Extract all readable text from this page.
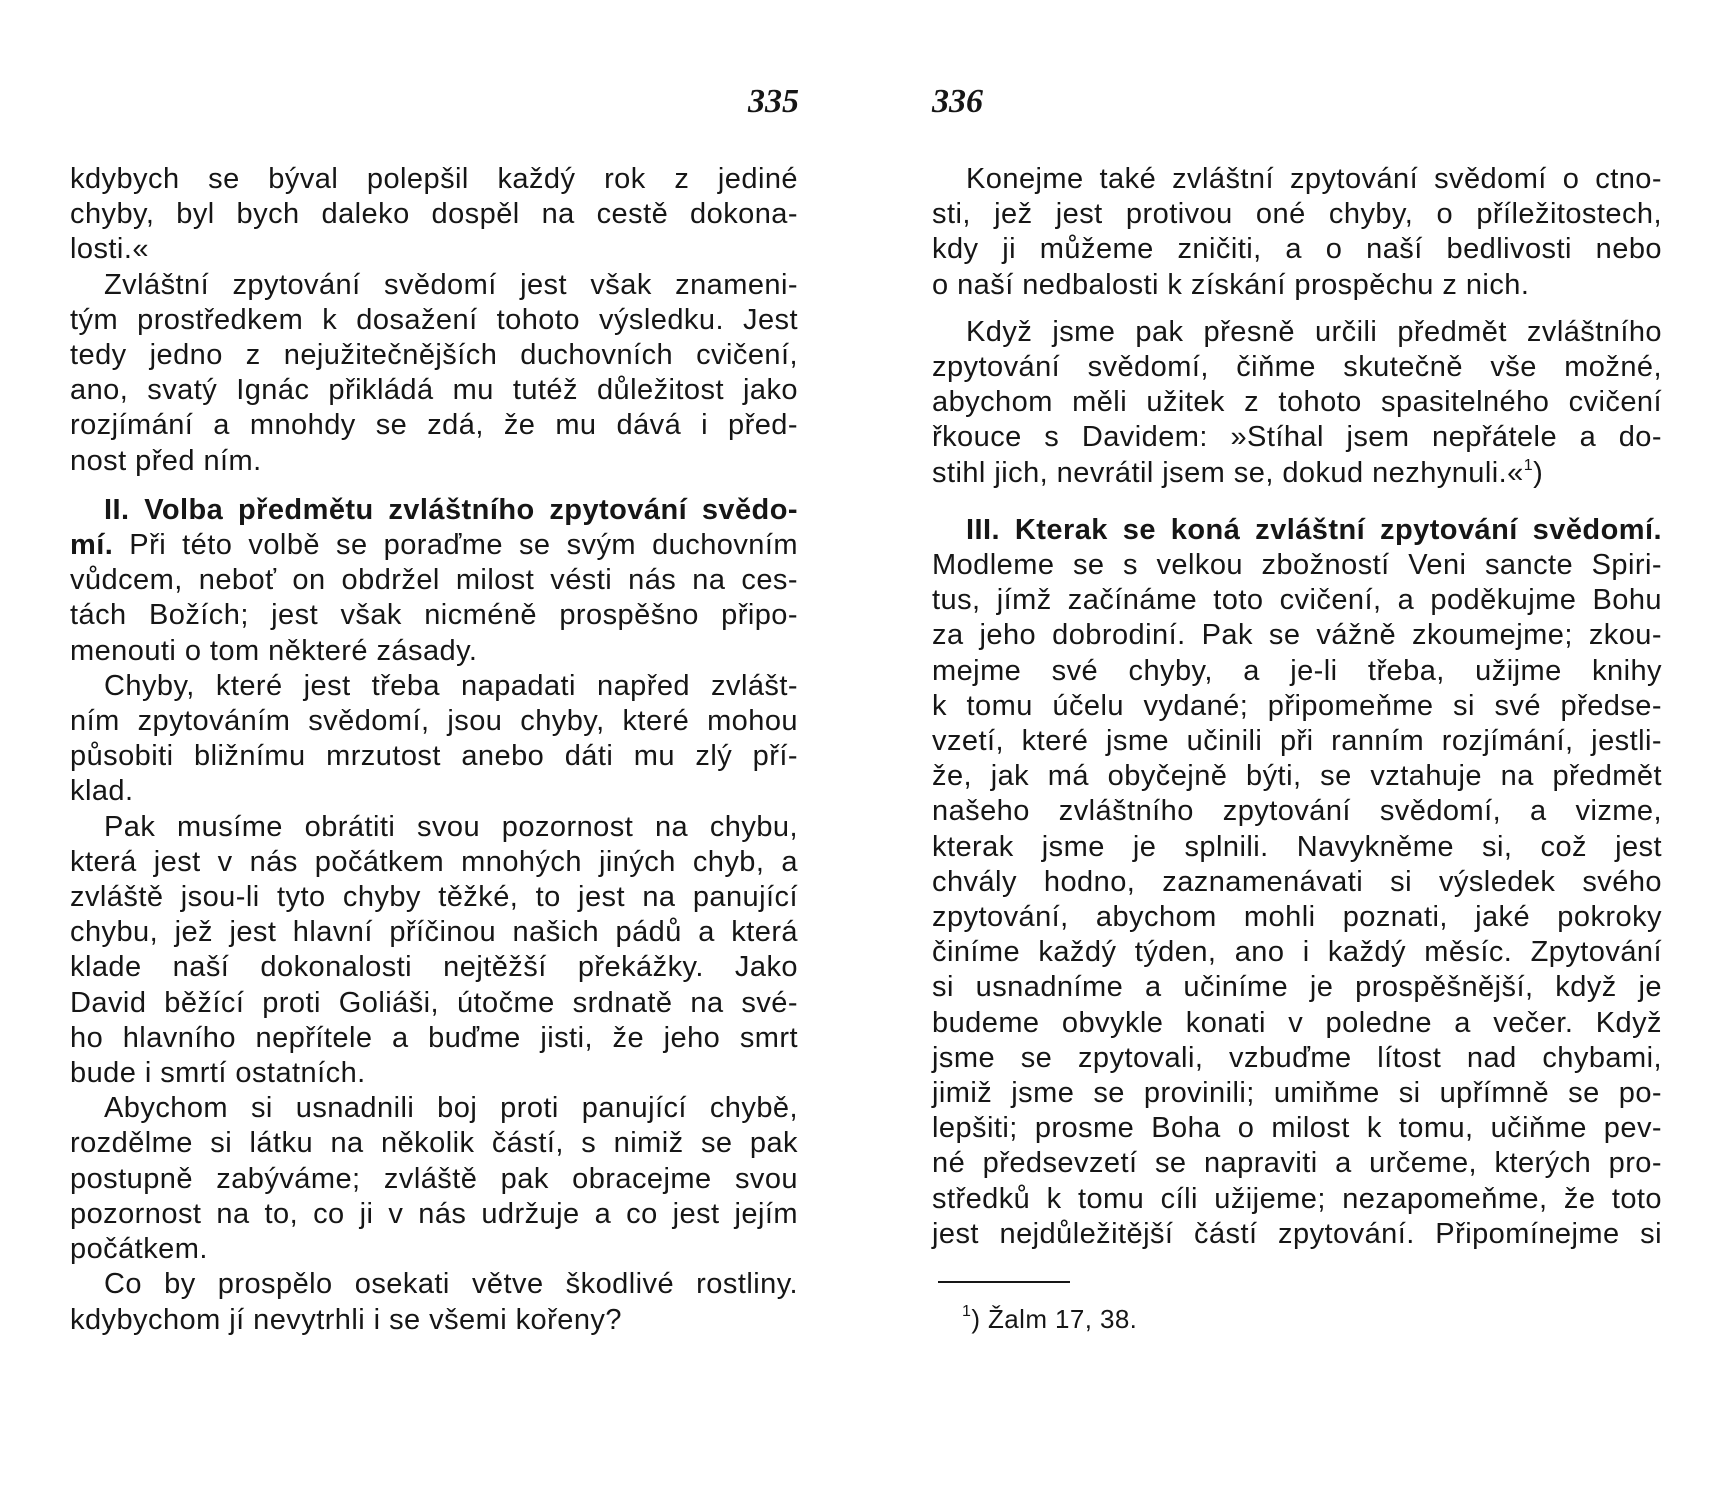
335	336

kdybych se býval polepšil každý rok z jediné
chyby, byl bych daleko dospěl na cestě dokona-
losti.«

Zvláštní zpytování svědomí jest však znameni-
tým prostředkem k dosažení tohoto výsledku. Jest
tedy jedno z nejužitečnějších duchovních cvičení,
ano, svatý Ignác přikládá mu tutéž důležitost jako
rozjímání a mnohdy se zdá, že mu dává i před-
nost před ním.

II. Volba předmětu zvláštního zpytování svědo-
mí. Při této volbě se poraďme se svým duchovním
vůdcem, neboť on obdržel milost vésti nás na ces-
tách Božích; jest však nicméně prospěšno připo-
menouti o tom některé zásady.

Chyby, které jest třeba napadati napřed zvlášt-
ním zpytováním svědomí, jsou chyby, které mohou
působiti bližnímu mrzutost anebo dáti mu zlý pří-
klad.

Pak musíme obrátiti svou pozornost na chybu,
která jest v nás počátkem mnohých jiných chyb, a
zvláště jsou-li tyto chyby těžké, to jest na panující
chybu, jež jest hlavní příčinou našich pádů a která
klade naší dokonalosti nejtěžší překážky. Jako
David běžící proti Goliáši, útočme srdnatě na své-
ho hlavního nepřítele a buďme jisti, že jeho smrt
bude i smrtí ostatních.

Abychom si usnadnili boj proti panující chybě,
rozdělme si látku na několik částí, s nimiž se pak
postupně zabýváme; zvláště pak obracejme svou
pozornost na to, co ji v nás udržuje a co jest jejím
počátkem.

Co by prospělo osekati větve škodlivé rostliny.
kdybychom jí nevytrhli i se všemi kořeny?

Konejme také zvláštní zpytování svědomí o ctno-
sti, jež jest protivou oné chyby, o příležitostech,
kdy ji můžeme zničiti, a o naší bedlivosti nebo
o naší nedbalosti k získání prospěchu z nich.

Když jsme pak přesně určili předmět zvláštního
zpytování svědomí, čiňme skutečně vše možné,
abychom měli užitek z tohoto spasitelného cvičení
řkouce s Davidem: »Stíhal jsem nepřátele a do-
stihl jich, nevrátil jsem se, dokud nezhynuli.«$^1$)

III. Kterak se koná zvláštní zpytování svědomí.
Modleme se s velkou zbožností Veni sancte Spiri-
tus, jímž začínáme toto cvičení, a poděkujme Bohu
za jeho dobrodiní. Pak se vážně zkoumejme; zkou-
mejme své chyby, a je-li třeba, užijme knihy
k tomu účelu vydané; připomeňme si své předse-
vzetí, které jsme učinili při ranním rozjímání, jestli-
že, jak má obyčejně býti, se vztahuje na předmět
našeho zvláštního zpytování svědomí, a vizme,
kterak jsme je splnili. Navykněme si, což jest
chvály hodno, zaznamenávati si výsledek svého
zpytování, abychom mohli poznati, jaké pokroky
činíme každý týden, ano i každý měsíc. Zpytování
si usnadníme a učiníme je prospěšnější, když je
budeme obvykle konati v poledne a večer. Když
jsme se zpytovali, vzbuďme lítost nad chybami,
jimiž jsme se provinili; umiňme si upřímně se po-
lepšiti; prosme Boha o milost k tomu, učiňme pev-
né předsevzetí se napraviti a určeme, kterých pro-
středků k tomu cíli užijeme; nezapomeňme, že toto
jest nejdůležitější částí zpytování. Připomínejme si

$^1$) Žalm 17, 38.
